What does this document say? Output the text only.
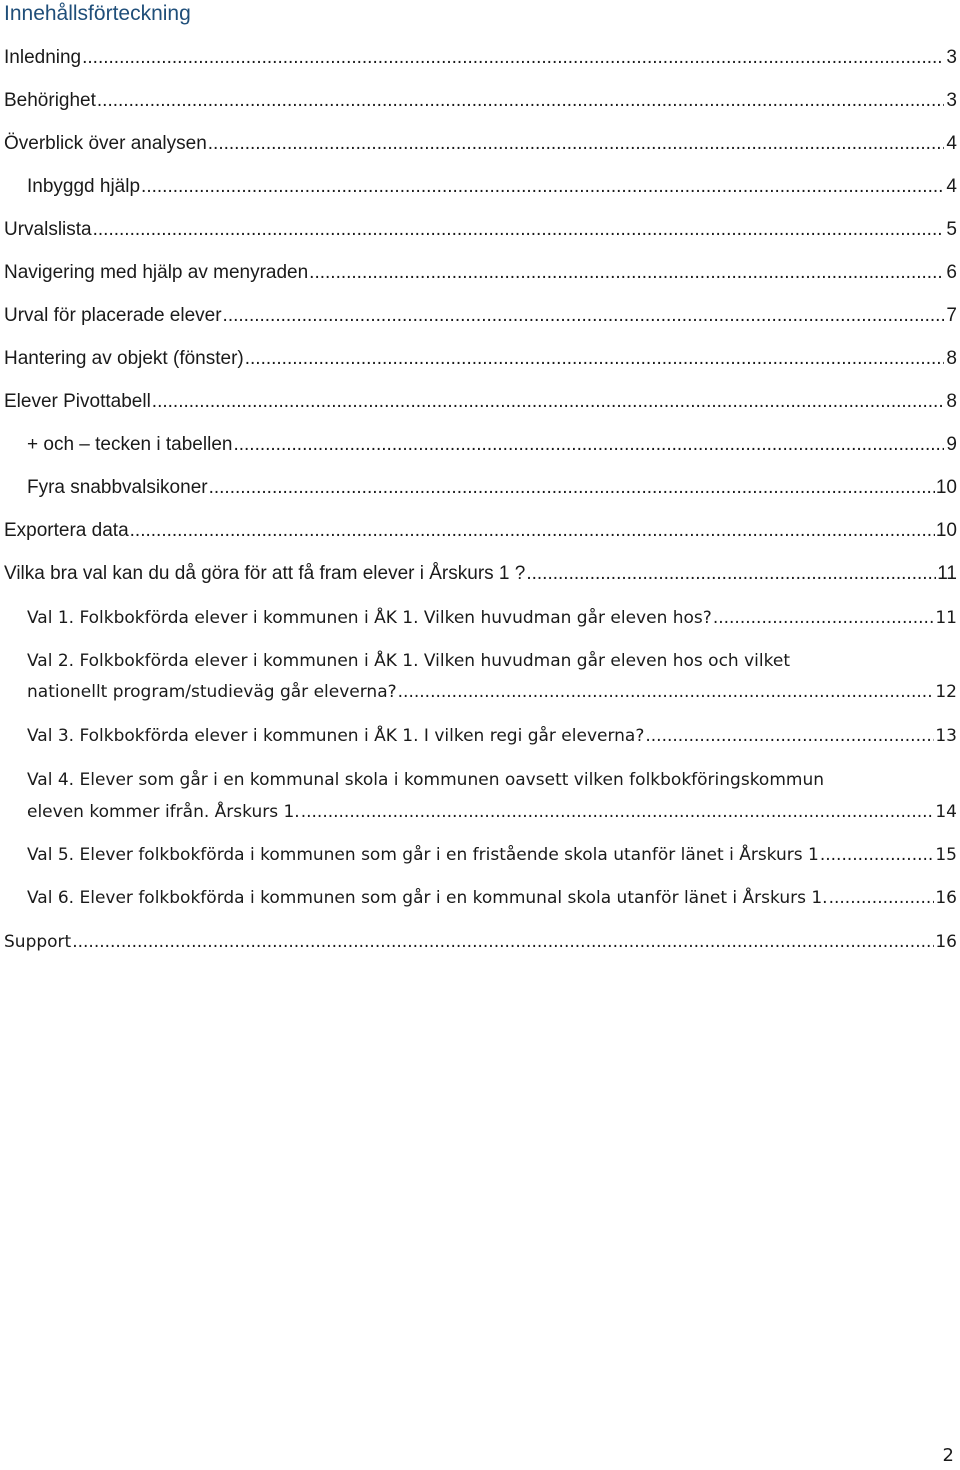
Innehållsförteckning
Inledning .....	3
Behörighet .....	3
Överblick över analysen .....	4
Inbyggd hjälp .....	4
Urvalslista .....	5
Navigering med hjälp av menyraden .....	6
Urval för placerade elever .....	7
Hantering av objekt (fönster) .....	8
Elever Pivottabell .....	8
+ och – tecken i tabellen .....	9
Fyra snabbvalsikoner .....	10
Exportera data .....	10
Vilka bra val kan du då göra för att få fram elever i Årskurs 1 ? .....	11
Val 1. Folkbokförda elever i kommunen i ÅK 1. Vilken huvudman går eleven hos? .....	11
Val 2. Folkbokförda elever i kommunen i ÅK 1. Vilken huvudman går eleven hos och vilket
nationellt program/studieväg går eleverna? .....	12
Val 3. Folkbokförda elever i kommunen i ÅK 1. I vilken regi går eleverna? .....	13
Val 4. Elever som går i en kommunal skola i kommunen oavsett vilken folkbokföringskommun
eleven kommer ifrån. Årskurs 1. .....	14
Val 5. Elever folkbokförda i kommunen som går i en fristående skola utanför länet i Årskurs 1 .....	15
Val 6. Elever folkbokförda i kommunen som går i en kommunal skola utanför länet i Årskurs 1. .....	16
Support .....	16
2
